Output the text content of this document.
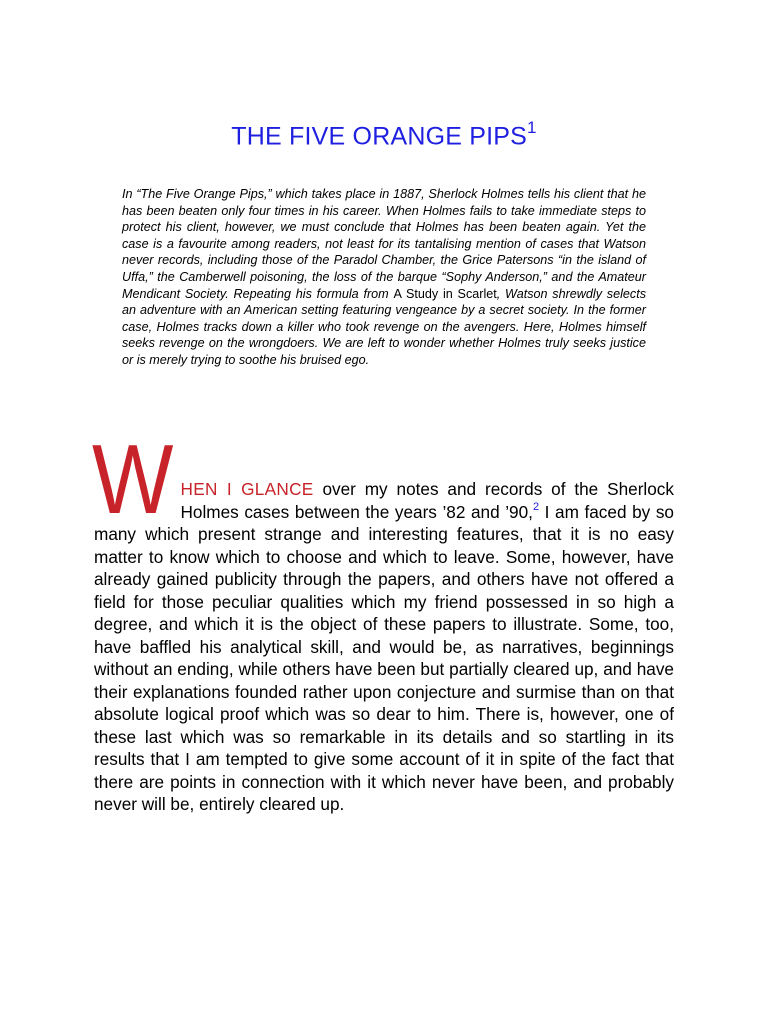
THE FIVE ORANGE PIPS$^1$
In “The Five Orange Pips,” which takes place in 1887, Sherlock Holmes tells his client that he has been beaten only four times in his career. When Holmes fails to take immediate steps to protect his client, however, we must conclude that Holmes has been beaten again. Yet the case is a favourite among readers, not least for its tantalising mention of cases that Watson never records, including those of the Paradol Chamber, the Grice Patersons “in the island of Uffa,” the Camberwell poisoning, the loss of the barque “Sophy Anderson,” and the Amateur Mendicant Society. Repeating his formula from A Study in Scarlet, Watson shrewdly selects an adventure with an American setting featuring vengeance by a secret society. In the former case, Holmes tracks down a killer who took revenge on the avengers. Here, Holmes himself seeks revenge on the wrongdoers. We are left to wonder whether Holmes truly seeks justice or is merely trying to soothe his bruised ego.
WHEN I GLANCE over my notes and records of the Sherlock Holmes cases between the years ’82 and ’90,$^2$ I am faced by so many which present strange and interesting features, that it is no easy matter to know which to choose and which to leave. Some, however, have already gained publicity through the papers, and others have not offered a field for those peculiar qualities which my friend possessed in so high a degree, and which it is the object of these papers to illustrate. Some, too, have baffled his analytical skill, and would be, as narratives, beginnings without an ending, while others have been but partially cleared up, and have their explanations founded rather upon conjecture and surmise than on that absolute logical proof which was so dear to him. There is, however, one of these last which was so remarkable in its details and so startling in its results that I am tempted to give some account of it in spite of the fact that there are points in connection with it which never have been, and probably never will be, entirely cleared up.
